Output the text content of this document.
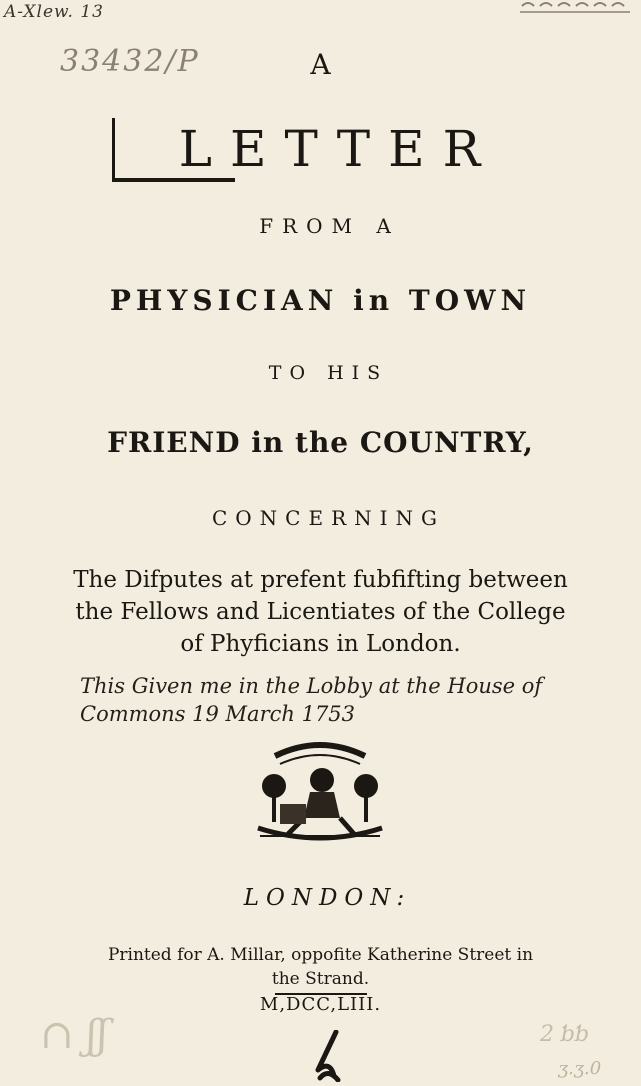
A-Xlew. 13
33432/P	A
LETTER
FROM A
PHYSICIAN in TOWN
TO HIS
FRIEND in the COUNTRY,
CONCERNING
The Difputes at prefent fubfifting between
the Fellows and Licentiates of the College
of Phyficians in London.
This Given me in the Lobby at the House of
Commons 19 March 1753
LONDON:
Printed for A. Millar, oppofite Katherine Street in
the Strand.
M,DCC,LIII.
∩ ʃʃ	2 ƅƅ
ʒ.ʒ.0
